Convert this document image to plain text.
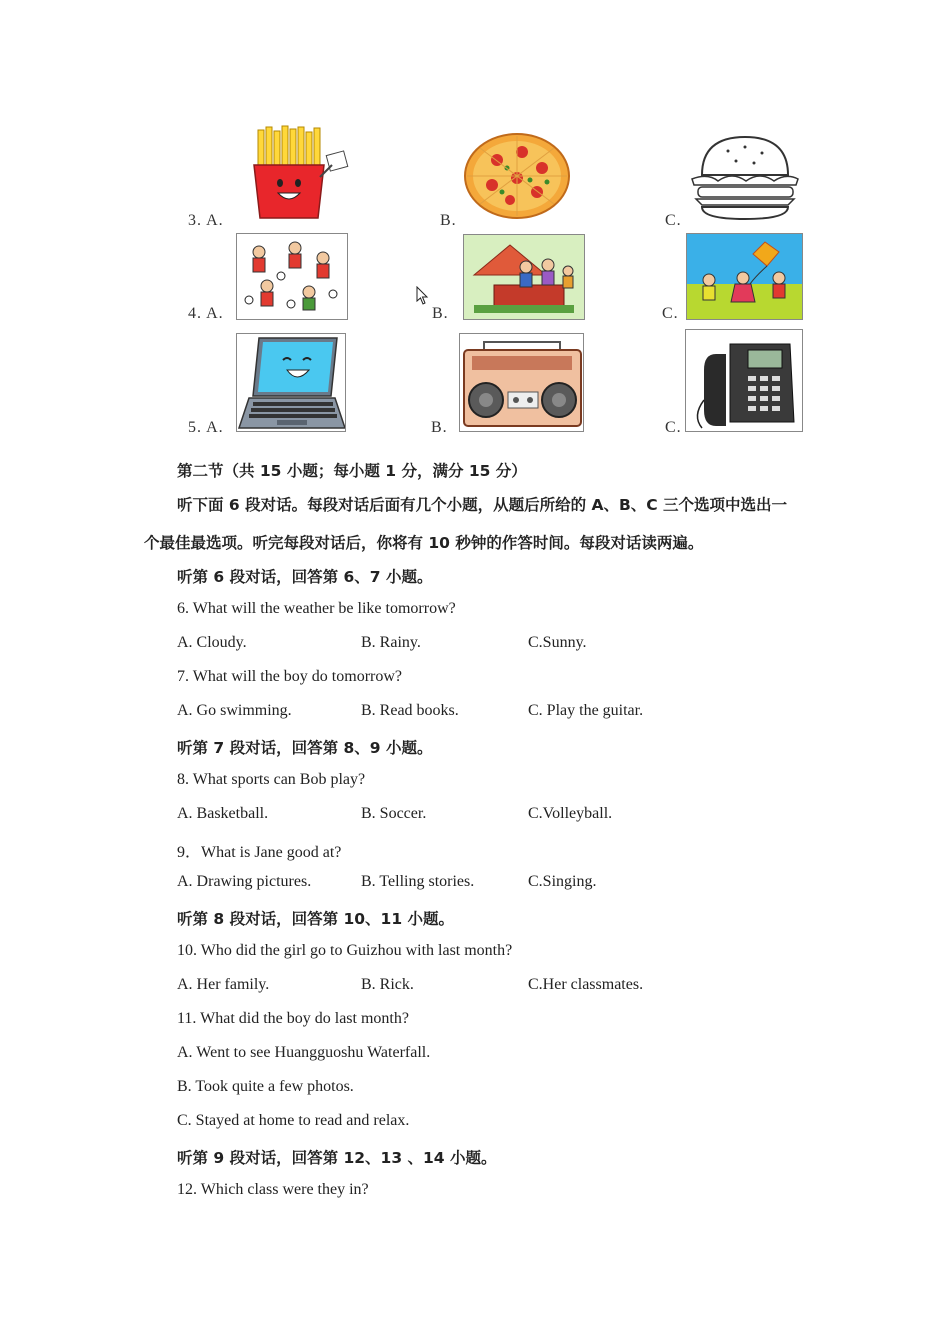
3. A.	B.	C.
4. A.	B.	C.
5. A.	B.	C.
第二节（共 15 小题；每小题 1 分，满分 15 分）
听下面 6 段对话。每段对话后面有几个小题，从题后所给的 A、B、C 三个选项中选出一
个最佳最选项。听完每段对话后，你将有 10 秒钟的作答时间。每段对话读两遍。
听第 6 段对话，回答第 6、7 小题。
6. What will the weather be like tomorrow?
A. Cloudy.	B. Rainy.	C.Sunny.
7. What will the boy do tomorrow?
A. Go swimming.	B. Read books.	C. Play the guitar.
听第 7 段对话，回答第 8、9 小题。
8. What sports can Bob play?
A. Basketball.	B. Soccer.	C.Volleyball.
9．What is Jane good at?
A. Drawing pictures.	B. Telling stories.	C.Singing.
听第 8 段对话，回答第 10、11 小题。
10. Who did the girl go to Guizhou with last month?
A. Her family.	B. Rick.	C.Her classmates.
11. What did the boy do last month?
A. Went to see Huangguoshu Waterfall.
B. Took quite a few photos.
C. Stayed at home to read and relax.
听第 9 段对话，回答第 12、13 、14 小题。
12. Which class were they in?
